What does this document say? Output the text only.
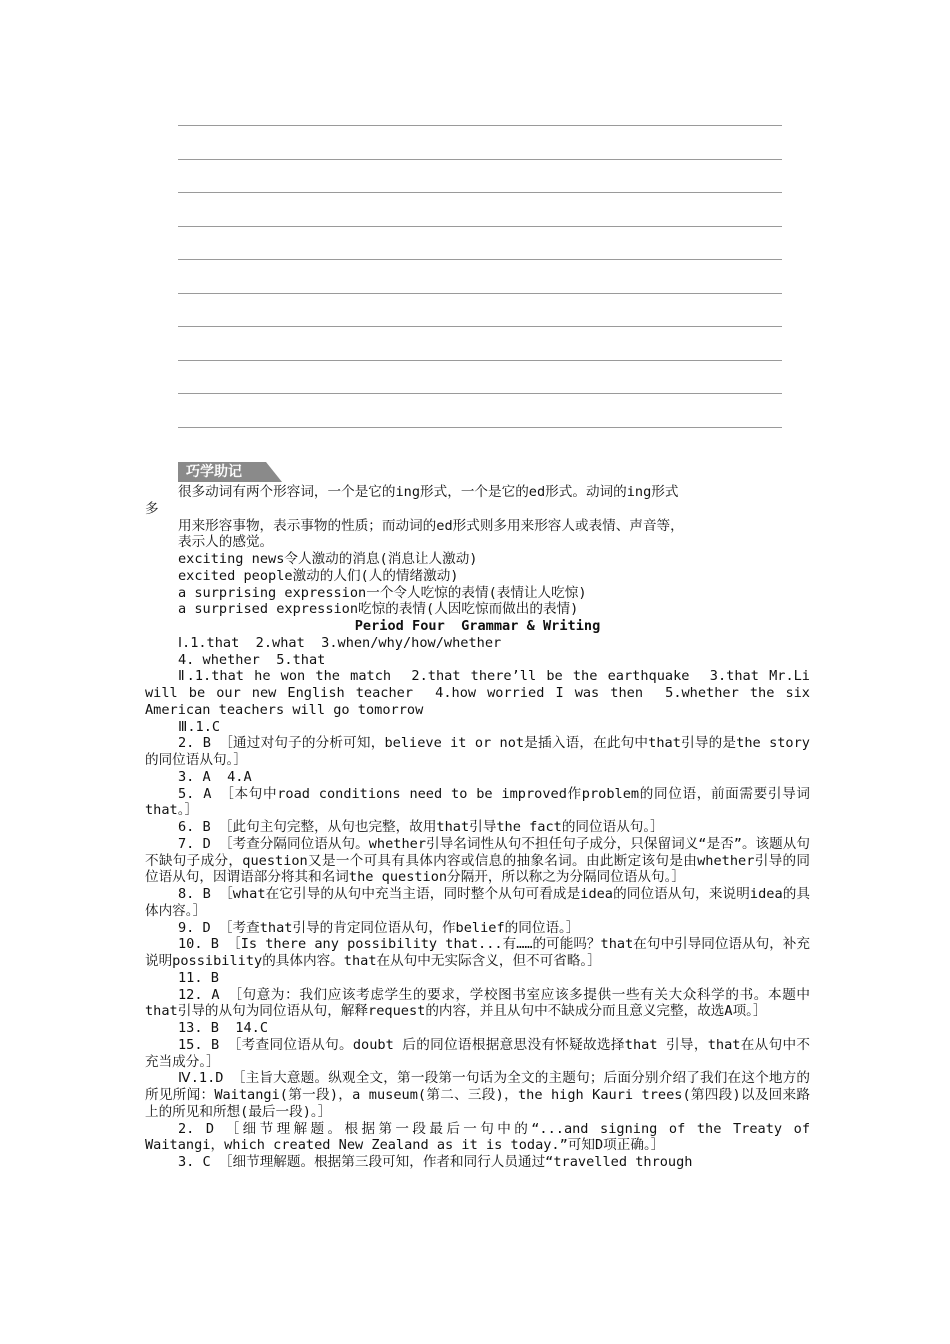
巧学助记

很多动词有两个形容词，一个是它的ing形式，一个是它的ed形式。动词的ing形式

多

用来形容事物，表示事物的性质；而动词的ed形式则多用来形容人或表情、声音等，

表示人的感觉。

exciting news令人激动的消息(消息让人激动)

excited people激动的人们(人的情绪激动)

a surprising expression一个令人吃惊的表情(表情让人吃惊)

a surprised expression吃惊的表情(人因吃惊而做出的表情)

Period Four  Grammar & Writing

Ⅰ.1.that  2.what  3.when/why/how/whether

4. whether  5.that

Ⅱ.1.that he won the match  2.that there’ll be the earthquake  3.that Mr.Li will be our new English teacher  4.how worried I was then  5.whether the six American teachers will go tomorrow

Ⅲ.1.C

2. B ［通过对句子的分析可知，believe it or not是插入语，在此句中that引导的是the story的同位语从句。］

3. A  4.A

5. A ［本句中road conditions need to be improved作problem的同位语，前面需要引导词that。］

6. B ［此句主句完整，从句也完整，故用that引导the fact的同位语从句。］

7. D ［考查分隔同位语从句。whether引导名词性从句不担任句子成分，只保留词义“是否”。该题从句不缺句子成分，question又是一个可具有具体内容或信息的抽象名词。由此断定该句是由whether引导的同位语从句，因谓语部分将其和名词the question分隔开，所以称之为分隔同位语从句。］

8. B ［what在它引导的从句中充当主语，同时整个从句可看成是idea的同位语从句，来说明idea的具体内容。］

9. D ［考查that引导的肯定同位语从句，作belief的同位语。］

10. B ［Is there any possibility that...有……的可能吗？that在句中引导同位语从句，补充说明possibility的具体内容。that在从句中无实际含义，但不可省略。］

11. B

12. A ［句意为：我们应该考虑学生的要求，学校图书室应该多提供一些有关大众科学的书。本题中that引导的从句为同位语从句，解释request的内容，并且从句中不缺成分而且意义完整，故选A项。］

13. B  14.C

15. B ［考查同位语从句。doubt 后的同位语根据意思没有怀疑故选择that 引导，that在从句中不充当成分。］

Ⅳ.1.D ［主旨大意题。纵观全文，第一段第一句话为全文的主题句；后面分别介绍了我们在这个地方的所见所闻：Waitangi(第一段)，a museum(第二、三段)，the high Kauri trees(第四段)以及回来路上的所见和所想(最后一段)。］

2. D ［细节理解题。根据第一段最后一句中的“...and signing of the Treaty of Waitangi，which created New Zealand as it is today.”可知D项正确。］

3. C ［细节理解题。根据第三段可知，作者和同行人员通过“travelled through
